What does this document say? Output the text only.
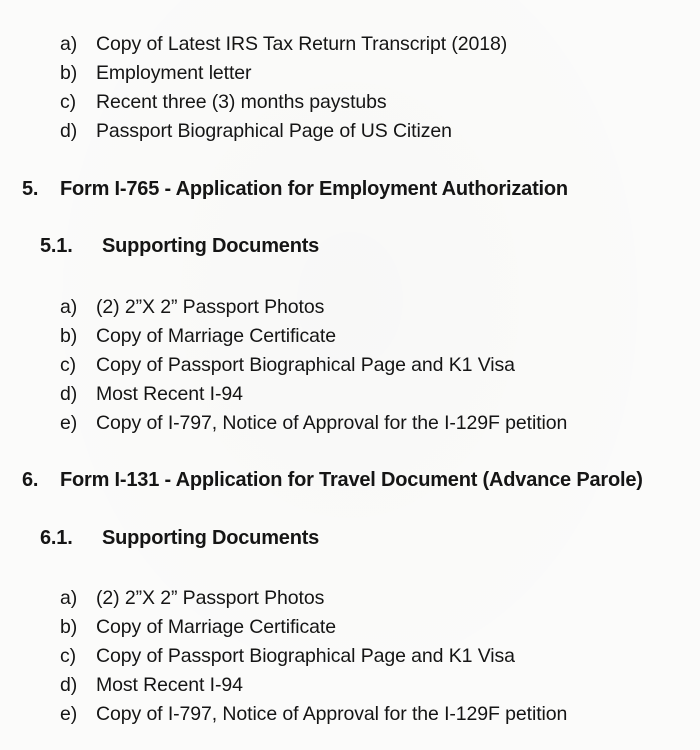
a) Copy of Latest IRS Tax Return Transcript (2018)
b) Employment letter
c) Recent three (3) months paystubs
d) Passport Biographical Page of US Citizen
5. Form I-765 - Application for Employment Authorization
5.1. Supporting Documents
a) (2) 2”X 2” Passport Photos
b) Copy of Marriage Certificate
c) Copy of Passport Biographical Page and K1 Visa
d) Most Recent I-94
e) Copy of I-797, Notice of Approval for the I-129F petition
6. Form I-131 - Application for Travel Document (Advance Parole)
6.1. Supporting Documents
a) (2) 2”X 2” Passport Photos
b) Copy of Marriage Certificate
c) Copy of Passport Biographical Page and K1 Visa
d) Most Recent I-94
e) Copy of I-797, Notice of Approval for the I-129F petition
